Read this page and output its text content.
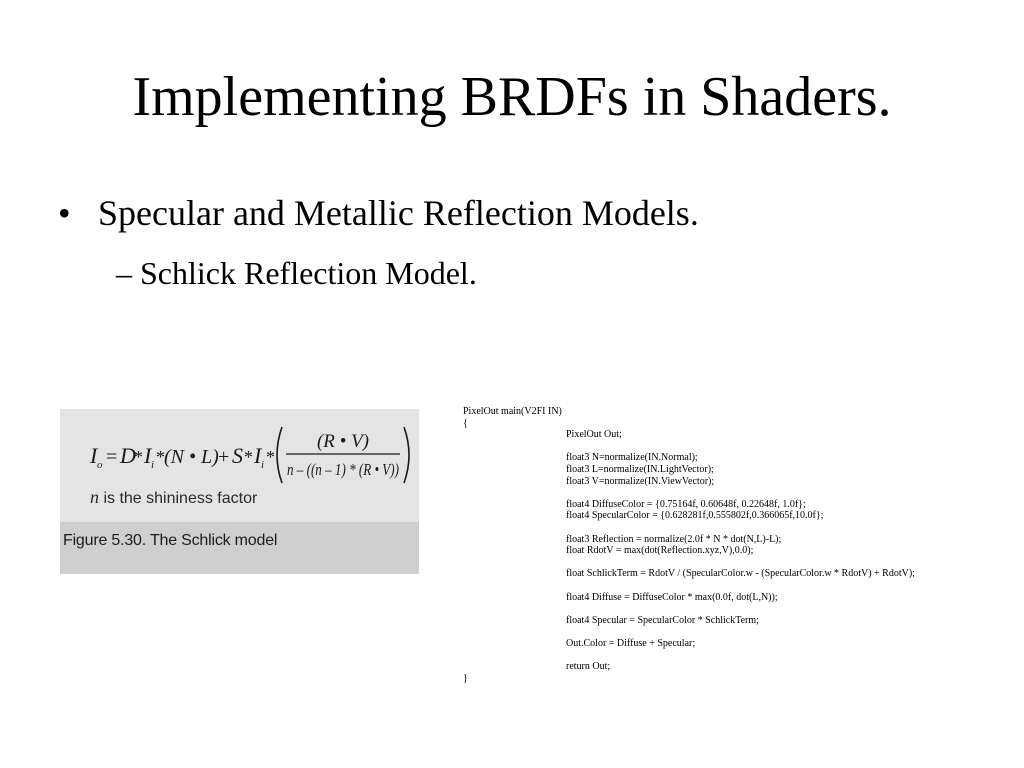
Implementing BRDFs in Shaders.
• Specular and Metallic Reflection Models.
– Schlick Reflection Model.
I o = D
* I i * (N • L) + S * I i *
(R • V)
n – ((n – 1) * (R • V))
n is the shininess factor
Figure 5.30. The Schlick model
PixelOut main(V2FI IN)
{
PixelOut Out;
float3 N=normalize(IN.Normal);
float3 L=normalize(IN.LightVector);
float3 V=normalize(IN.ViewVector);
float4 DiffuseColor = {0.75164f, 0.60648f, 0.22648f, 1.0f};
float4 SpecularColor = {0.628281f,0.555802f,0.366065f,10.0f};
float3 Reflection = normalize(2.0f * N * dot(N,L)-L);
float RdotV = max(dot(Reflection.xyz,V),0.0);
float SchlickTerm = RdotV / (SpecularColor.w - (SpecularColor.w * RdotV) + RdotV);
float4 Diffuse = DiffuseColor * max(0.0f, dot(L,N));
float4 Specular = SpecularColor * SchlickTerm;
Out.Color = Diffuse + Specular;
return Out;
}
